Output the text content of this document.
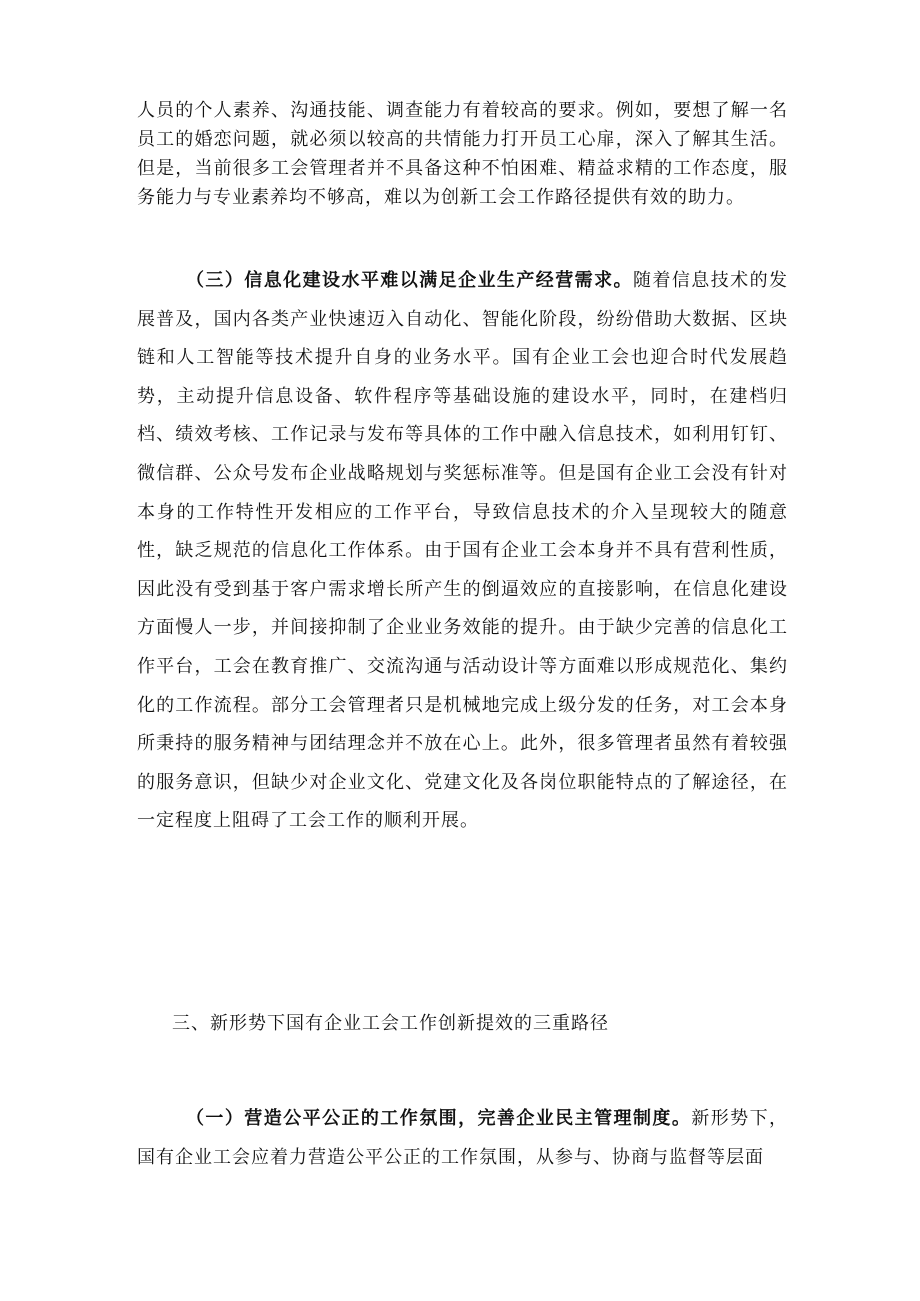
人员的个人素养、沟通技能、调查能力有着较高的要求。例如，要想了解一名员工的婚恋问题，就必须以较高的共情能力打开员工心扉，深入了解其生活。但是，当前很多工会管理者并不具备这种不怕困难、精益求精的工作态度，服务能力与专业素养均不够高，难以为创新工会工作路径提供有效的助力。

（三）信息化建设水平难以满足企业生产经营需求。随着信息技术的发展普及，国内各类产业快速迈入自动化、智能化阶段，纷纷借助大数据、区块链和人工智能等技术提升自身的业务水平。国有企业工会也迎合时代发展趋势，主动提升信息设备、软件程序等基础设施的建设水平，同时，在建档归档、绩效考核、工作记录与发布等具体的工作中融入信息技术，如利用钉钉、微信群、公众号发布企业战略规划与奖惩标准等。但是国有企业工会没有针对本身的工作特性开发相应的工作平台，导致信息技术的介入呈现较大的随意性，缺乏规范的信息化工作体系。由于国有企业工会本身并不具有营利性质，因此没有受到基于客户需求增长所产生的倒逼效应的直接影响，在信息化建设方面慢人一步，并间接抑制了企业业务效能的提升。由于缺少完善的信息化工作平台，工会在教育推广、交流沟通与活动设计等方面难以形成规范化、集约化的工作流程。部分工会管理者只是机械地完成上级分发的任务，对工会本身所秉持的服务精神与团结理念并不放在心上。此外，很多管理者虽然有着较强的服务意识，但缺少对企业文化、党建文化及各岗位职能特点的了解途径，在一定程度上阻碍了工会工作的顺利开展。

三、新形势下国有企业工会工作创新提效的三重路径

（一）营造公平公正的工作氛围，完善企业民主管理制度。新形势下，国有企业工会应着力营造公平公正的工作氛围，从参与、协商与监督等层面
